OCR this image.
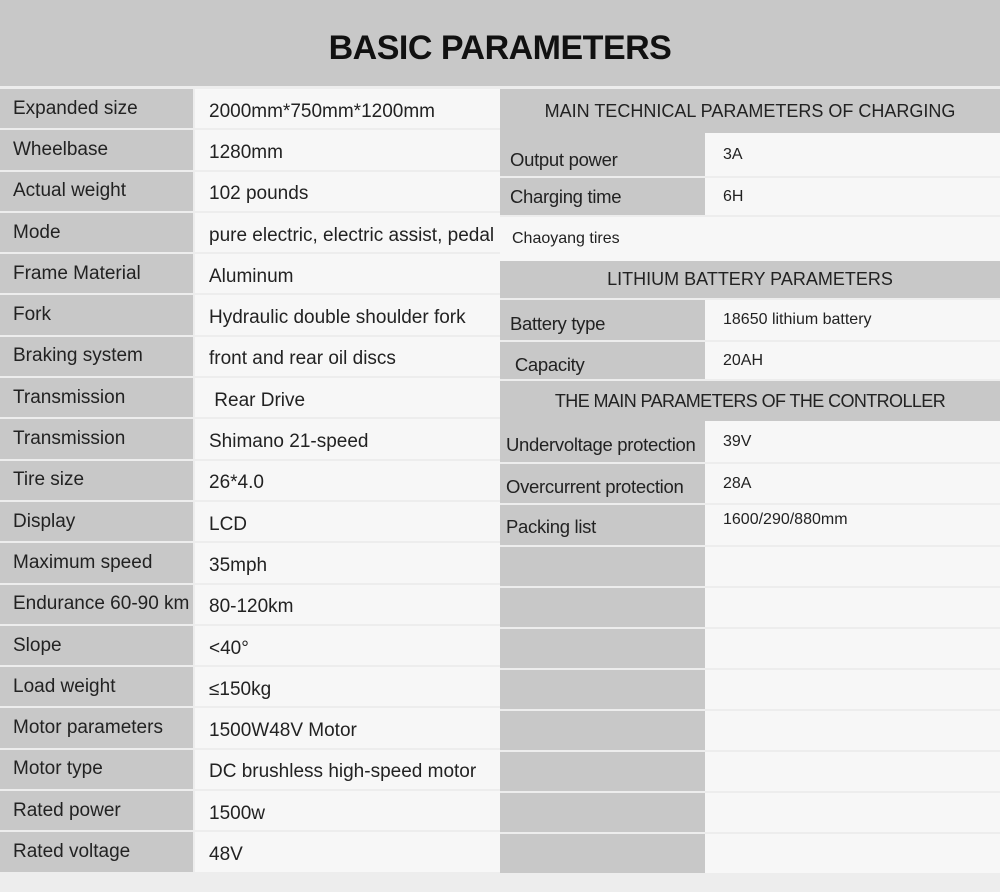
BASIC PARAMETERS
Expanded size	2000mm*750mm*1200mm
Wheelbase	1280mm
Actual weight	102 pounds
Mode	pure electric, electric assist, pedal
Frame Material	Aluminum
Fork	Hydraulic double shoulder fork
Braking system	front and rear oil discs
Transmission	Rear Drive
Transmission	Shimano 21-speed
Tire size	26*4.0
Display	LCD
Maximum speed	35mph
Endurance 60-90 km	80-120km
Slope	<40°
Load weight	≤150kg
Motor parameters	1500W48V Motor
Motor type	DC brushless high-speed motor
Rated power	1500w
Rated voltage	48V
MAIN TECHNICAL PARAMETERS OF CHARGING
Output power	3A
Charging time	6H
Chaoyang tires
LITHIUM BATTERY PARAMETERS
Battery type	18650 lithium battery
Capacity	20AH
THE MAIN PARAMETERS OF THE CONTROLLER
Undervoltage protection	39V
Overcurrent protection	28A
Packing list	1600/290/880mm
